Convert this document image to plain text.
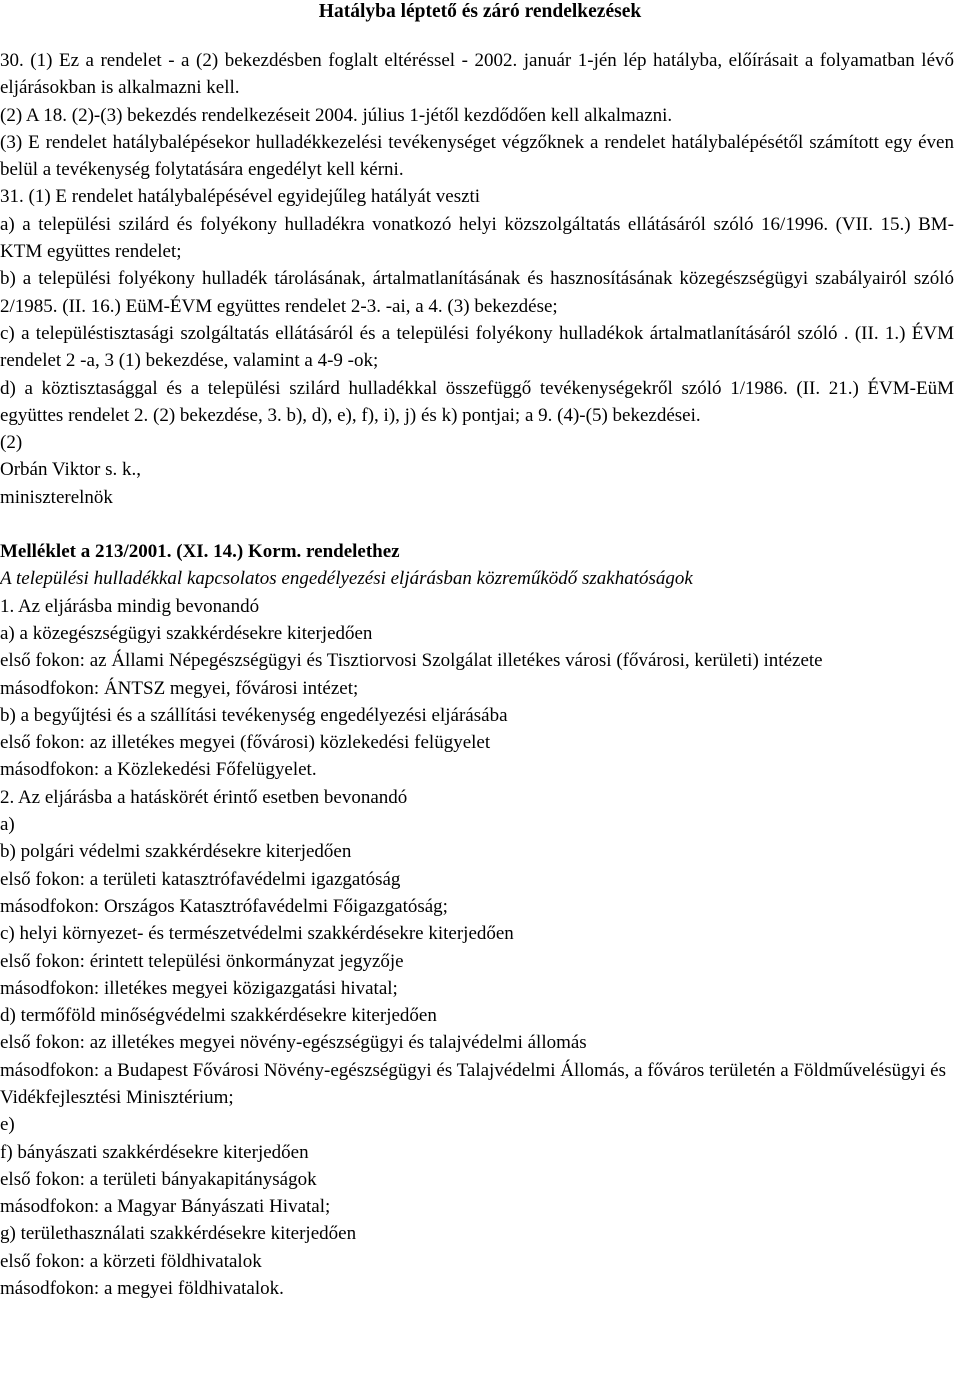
Hatályba léptető és záró rendelkezések

30. (1) Ez a rendelet - a (2) bekezdésben foglalt eltéréssel - 2002. január 1-jén lép hatályba, előírásait a folyamatban lévő eljárásokban is alkalmazni kell.

(2) A 18. (2)-(3) bekezdés rendelkezéseit 2004. július 1-jétől kezdődően kell alkalmazni.

(3) E rendelet hatálybalépésekor hulladékkezelési tevékenységet végzőknek a rendelet hatálybalépésétől számított egy éven belül a tevékenység folytatására engedélyt kell kérni.

31. (1) E rendelet hatálybalépésével egyidejűleg hatályát veszti

a) a települési szilárd és folyékony hulladékra vonatkozó helyi közszolgáltatás ellátásáról szóló 16/1996. (VII. 15.) BM-KTM együttes rendelet;

b) a települési folyékony hulladék tárolásának, ártalmatlanításának és hasznosításának közegészségügyi szabályairól szóló 2/1985. (II. 16.) EüM-ÉVM együttes rendelet 2-3. -ai, a 4. (3) bekezdése;

c) a településtisztasági szolgáltatás ellátásáról és a települési folyékony hulladékok ártalmatlanításáról szóló . (II. 1.) ÉVM rendelet 2 -a, 3 (1) bekezdése, valamint a 4-9 -ok;

d) a köztisztasággal és a települési szilárd hulladékkal összefüggő tevékenységekről szóló 1/1986. (II. 21.) ÉVM-EüM együttes rendelet 2. (2) bekezdése, 3. b), d), e), f), i), j) és k) pontjai; a 9. (4)-(5) bekezdései.

(2)

Orbán Viktor s. k.,

miniszterelnök

Melléklet a 213/2001. (XI. 14.) Korm. rendelethez

A települési hulladékkal kapcsolatos engedélyezési eljárásban közreműködő szakhatóságok

1. Az eljárásba mindig bevonandó

a) a közegészségügyi szakkérdésekre kiterjedően

első fokon: az Állami Népegészségügyi és Tisztiorvosi Szolgálat illetékes városi (fővárosi, kerületi) intézete

másodfokon: ÁNTSZ megyei, fővárosi intézet;

b) a begyűjtési és a szállítási tevékenység engedélyezési eljárásába

első fokon: az illetékes megyei (fővárosi) közlekedési felügyelet

másodfokon: a Közlekedési Főfelügyelet.

2. Az eljárásba a hatáskörét érintő esetben bevonandó

a)

b) polgári védelmi szakkérdésekre kiterjedően

első fokon: a területi katasztrófavédelmi igazgatóság

másodfokon: Országos Katasztrófavédelmi Főigazgatóság;

c) helyi környezet- és természetvédelmi szakkérdésekre kiterjedően

első fokon: érintett települési önkormányzat jegyzője

másodfokon: illetékes megyei közigazgatási hivatal;

d) termőföld minőségvédelmi szakkérdésekre kiterjedően

első fokon: az illetékes megyei növény-egészségügyi és talajvédelmi állomás

másodfokon: a Budapest Fővárosi Növény-egészségügyi és Talajvédelmi Állomás, a főváros területén a Földművelésügyi és Vidékfejlesztési Minisztérium;

e)

f) bányászati szakkérdésekre kiterjedően

első fokon: a területi bányakapitányságok

másodfokon: a Magyar Bányászati Hivatal;

g) területhasználati szakkérdésekre kiterjedően

első fokon: a körzeti földhivatalok

másodfokon: a megyei földhivatalok.
